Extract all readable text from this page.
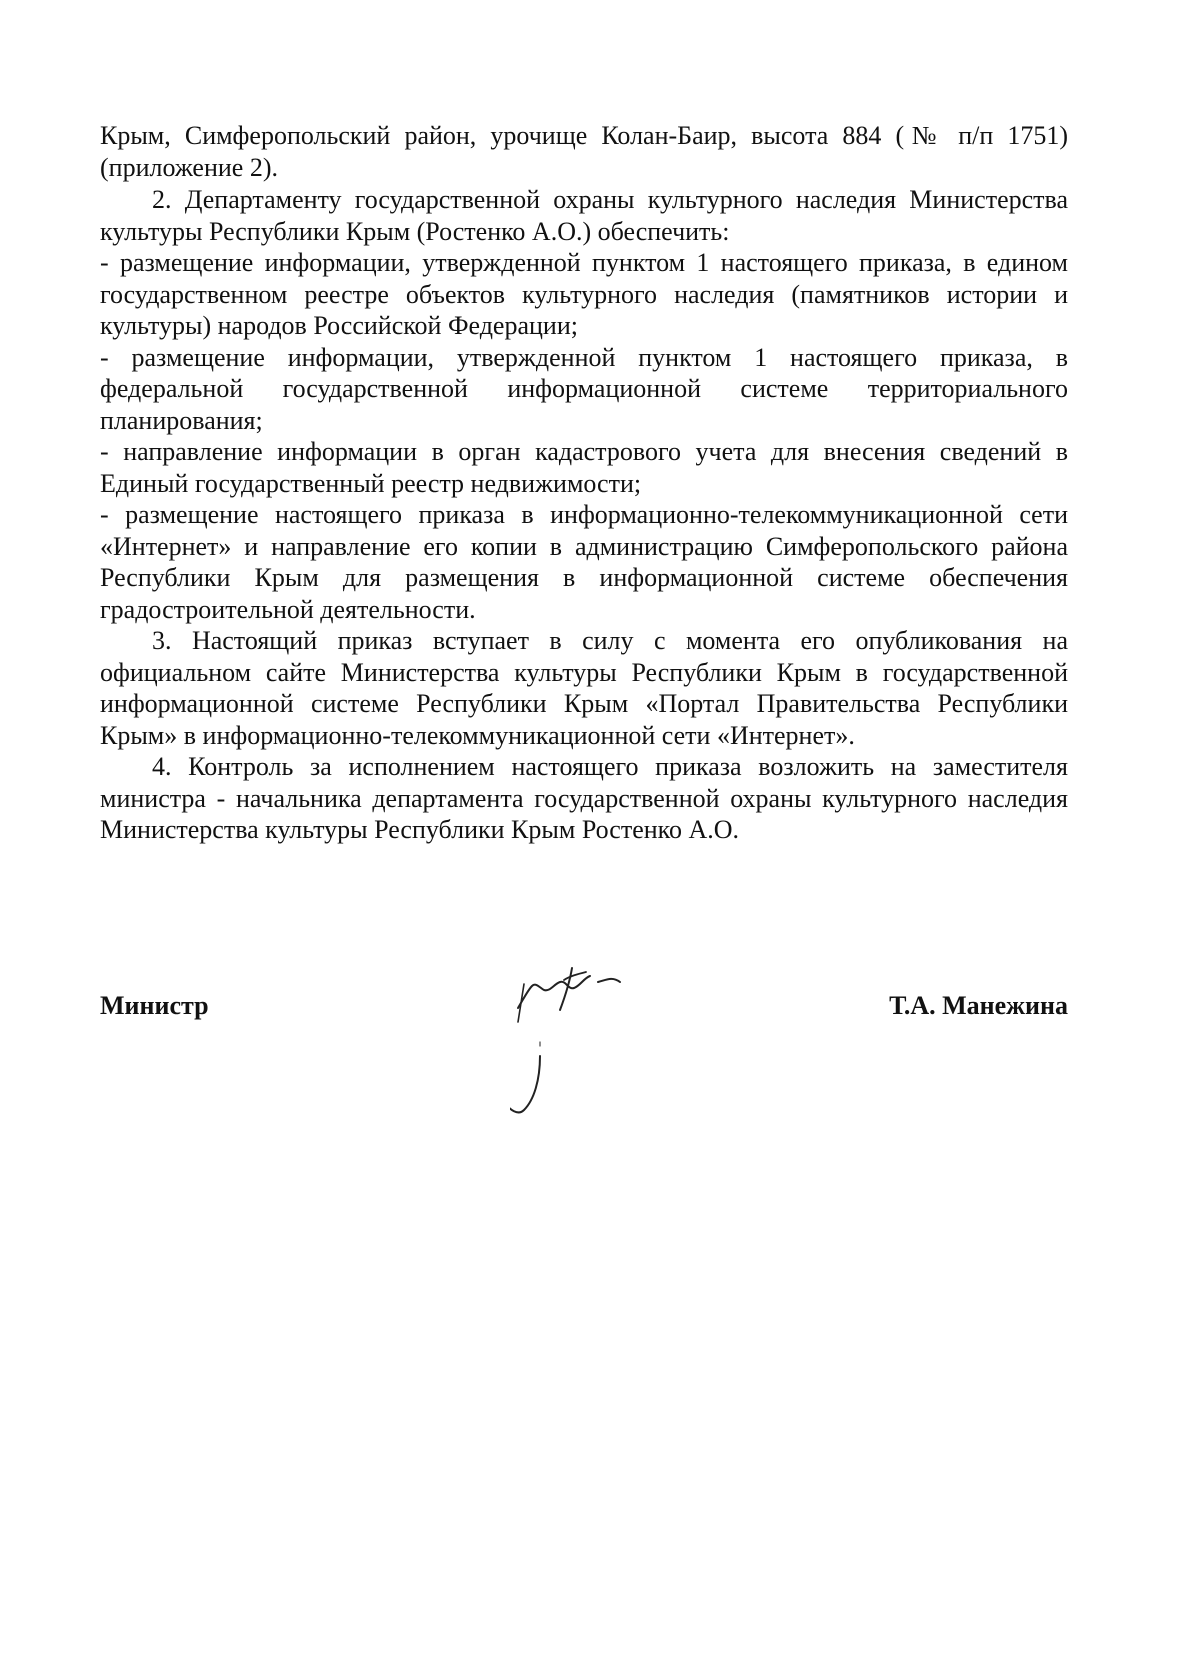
Крым, Симферопольский район, урочище Колан-Баир, высота 884 (№ п/п 1751) (приложение 2).

2. Департаменту государственной охраны культурного наследия Министерства культуры Республики Крым (Ростенко А.О.) обеспечить:

- размещение информации, утвержденной пунктом 1 настоящего приказа, в едином государственном реестре объектов культурного наследия (памятников истории и культуры) народов Российской Федерации;

- размещение информации, утвержденной пунктом 1 настоящего приказа, в федеральной государственной информационной системе территориального планирования;

- направление информации в орган кадастрового учета для внесения сведений в Единый государственный реестр недвижимости;

- размещение настоящего приказа в информационно-телекоммуникационной сети «Интернет» и направление его копии в администрацию Симферопольского района Республики Крым для размещения в информационной системе обеспечения градостроительной деятельности.

3. Настоящий приказ вступает в силу с момента его опубликования на официальном сайте Министерства культуры Республики Крым в государственной информационной системе Республики Крым «Портал Правительства Республики Крым» в информационно-телекоммуникационной сети «Интернет».

4. Контроль за исполнением настоящего приказа возложить на заместителя министра - начальника департамента государственной охраны культурного наследия Министерства культуры Республики Крым Ростенко А.О.

Министр	Т.А. Манежина
